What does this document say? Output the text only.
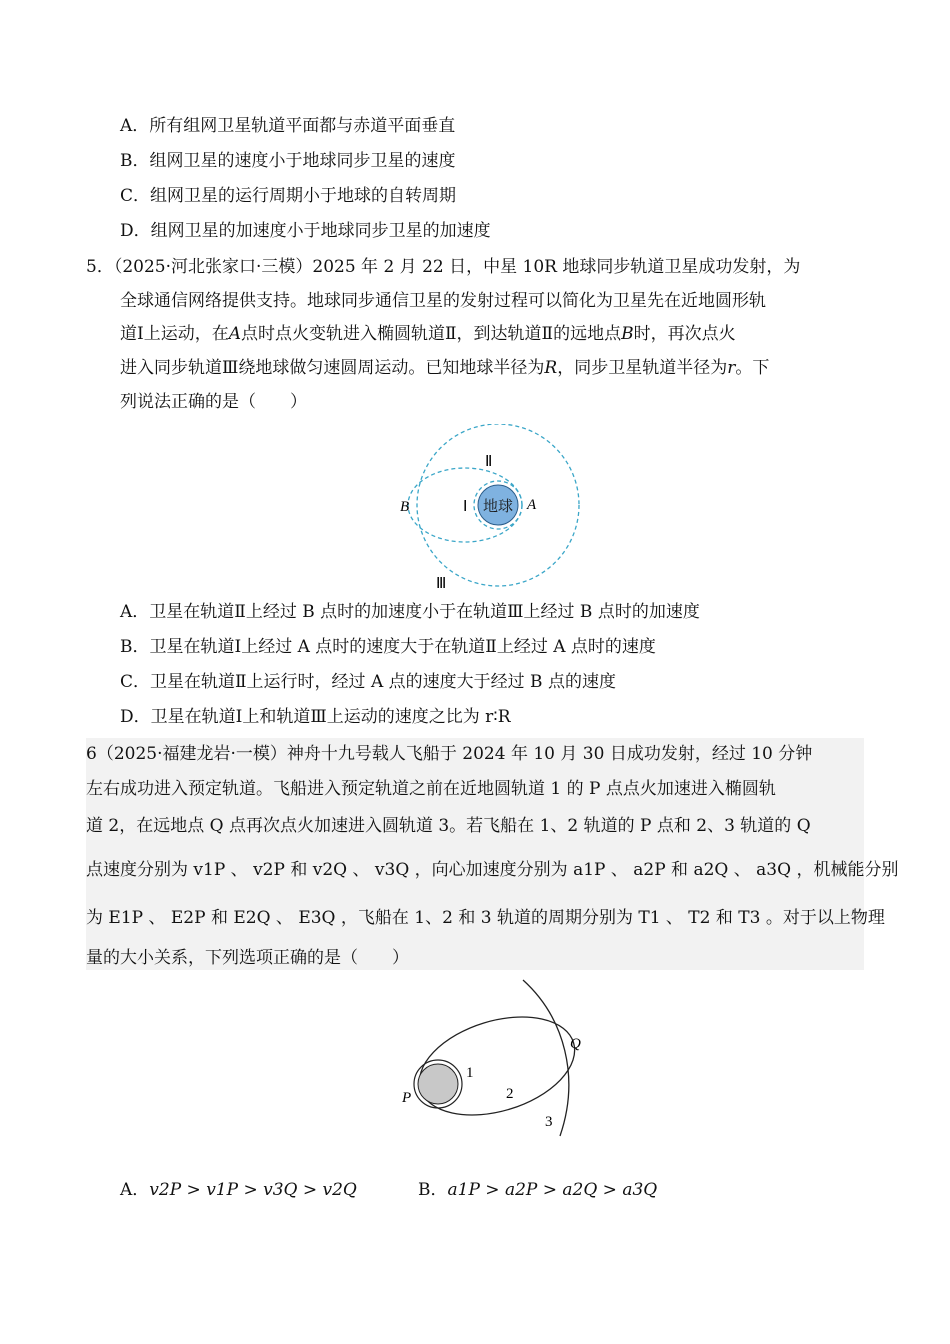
A．所有组网卫星轨道平面都与赤道平面垂直
B．组网卫星的速度小于地球同步卫星的速度
C．组网卫星的运行周期小于地球的自转周期
D．组网卫星的加速度小于地球同步卫星的加速度
5．（2025·河北张家口·三模）2025 年 2 月 22 日，中星 10R 地球同步轨道卫星成功发射，为
全球通信网络提供支持。地球同步通信卫星的发射过程可以简化为卫星先在近地圆形轨
道Ⅰ上运动，在A点时点火变轨进入椭圆轨道Ⅱ，到达轨道Ⅱ的远地点B时，再次点火
进入同步轨道Ⅲ绕地球做匀速圆周运动。已知地球半径为R，同步卫星轨道半径为r。下
列说法正确的是（　　）
地球
Ⅰ
Ⅱ
Ⅲ
A
B
A．卫星在轨道Ⅱ上经过 B 点时的加速度小于在轨道Ⅲ上经过 B 点时的加速度
B．卫星在轨道Ⅰ上经过 A 点时的速度大于在轨道Ⅱ上经过 A 点时的速度
C．卫星在轨道Ⅱ上运行时，经过 A 点的速度大于经过 B 点的速度
D．卫星在轨道Ⅰ上和轨道Ⅲ上运动的速度之比为 r∶R
6（2025·福建龙岩·一模）神舟十九号载人飞船于 2024 年 10 月 30 日成功发射，经过 10 分钟
左右成功进入预定轨道。飞船进入预定轨道之前在近地圆轨道 1 的 P 点点火加速进入椭圆轨
道 2，在远地点 Q 点再次点火加速进入圆轨道 3。若飞船在 1、2 轨道的 P 点和 2、3 轨道的 Q
点速度分别为 v1P 、 v2P 和 v2Q 、 v3Q ，向心加速度分别为 a1P 、 a2P 和 a2Q 、 a3Q ，机械能分别
为 E1P 、 E2P 和 E2Q 、 E3Q ，飞船在 1、2 和 3 轨道的周期分别为 T1 、 T2 和 T3 。对于以上物理
量的大小关系，下列选项正确的是（　　）
1
2
3
P
Q
A．v2P > v1P > v3Q > v2Q	B．a1P > a2P > a2Q > a3Q
